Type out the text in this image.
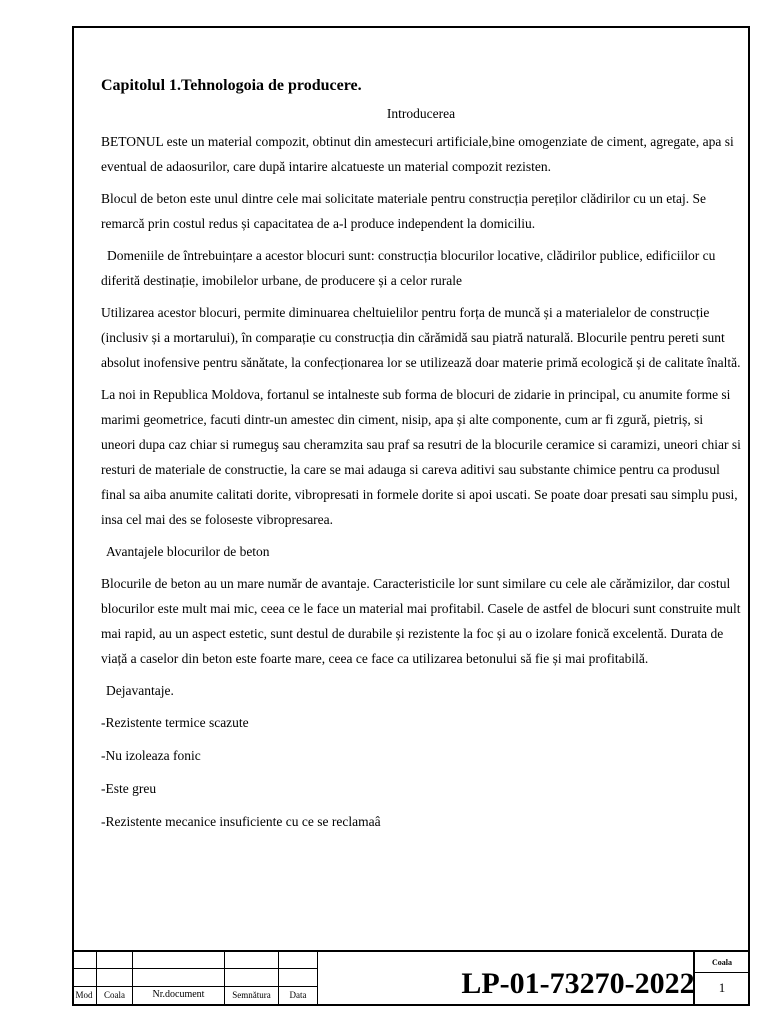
Capitolul 1.Tehnologoia de producere.
Introducerea

BETONUL este un material compozit, obtinut din amestecuri artificiale,bine omogenziate de ciment, agregate, apa si eventual de adaosurilor, care după intarire alcatueste un material compozit rezisten.

Blocul de beton este unul dintre cele mai solicitate materiale pentru construcția pereților clădirilor cu un etaj. Se remarcă prin costul redus și capacitatea de a-l produce independent la domiciliu.

Domeniile de întrebuințare a acestor blocuri sunt: construcția blocurilor locative, clădirilor publice, edificiilor cu diferită destinație, imobilelor urbane, de producere și a celor rurale

Utilizarea acestor blocuri, permite diminuarea cheltuielilor pentru forța de muncă și a materialelor de construcție (inclusiv și a mortarului), în comparație cu construcția din cărămidă sau piatră naturală. Blocurile pentru pereti sunt absolut inofensive pentru sănătate, la confecționarea lor se utilizează doar materie primă ecologică și de calitate înaltă.

La noi in Republica Moldova, fortanul se intalneste sub forma de blocuri de zidarie in principal, cu anumite forme si marimi geometrice, facuti dintr-un amestec din ciment, nisip, apa și alte componente, cum ar fi zgură, pietriș, si uneori dupa caz chiar si rumeguş sau cheramzita sau praf sa resutri de la blocurile ceramice si caramizi, uneori chiar si resturi de materiale de constructie, la care se mai adauga si careva aditivi sau substante chimice pentru ca produsul final sa aiba anumite calitati dorite, vibropresati in formele dorite si apoi uscati. Se poate doar presati sau simplu pusi, insa cel mai des se foloseste vibropresarea.

Avantajele blocurilor de beton

Blocurile de beton au un mare număr de avantaje. Caracteristicile lor sunt similare cu cele ale cărămizilor, dar costul blocurilor este mult mai mic, ceea ce le face un material mai profitabil. Casele de astfel de blocuri sunt construite mult mai rapid, au un aspect estetic, sunt destul de durabile și rezistente la foc și au o izolare fonică excelentă. Durata de viață a caselor din beton este foarte mare, ceea ce face ca utilizarea betonului să fie și mai profitabilă.

Dejavantaje.

-Rezistente termice scazute
-Nu izoleaza fonic
-Este greu
-Rezistente mecanice insuficiente cu ce se reclamaâ
Mod	Coala	Nr.document	Semnătura	Data	LP-01-73270-2022
Coala
1
